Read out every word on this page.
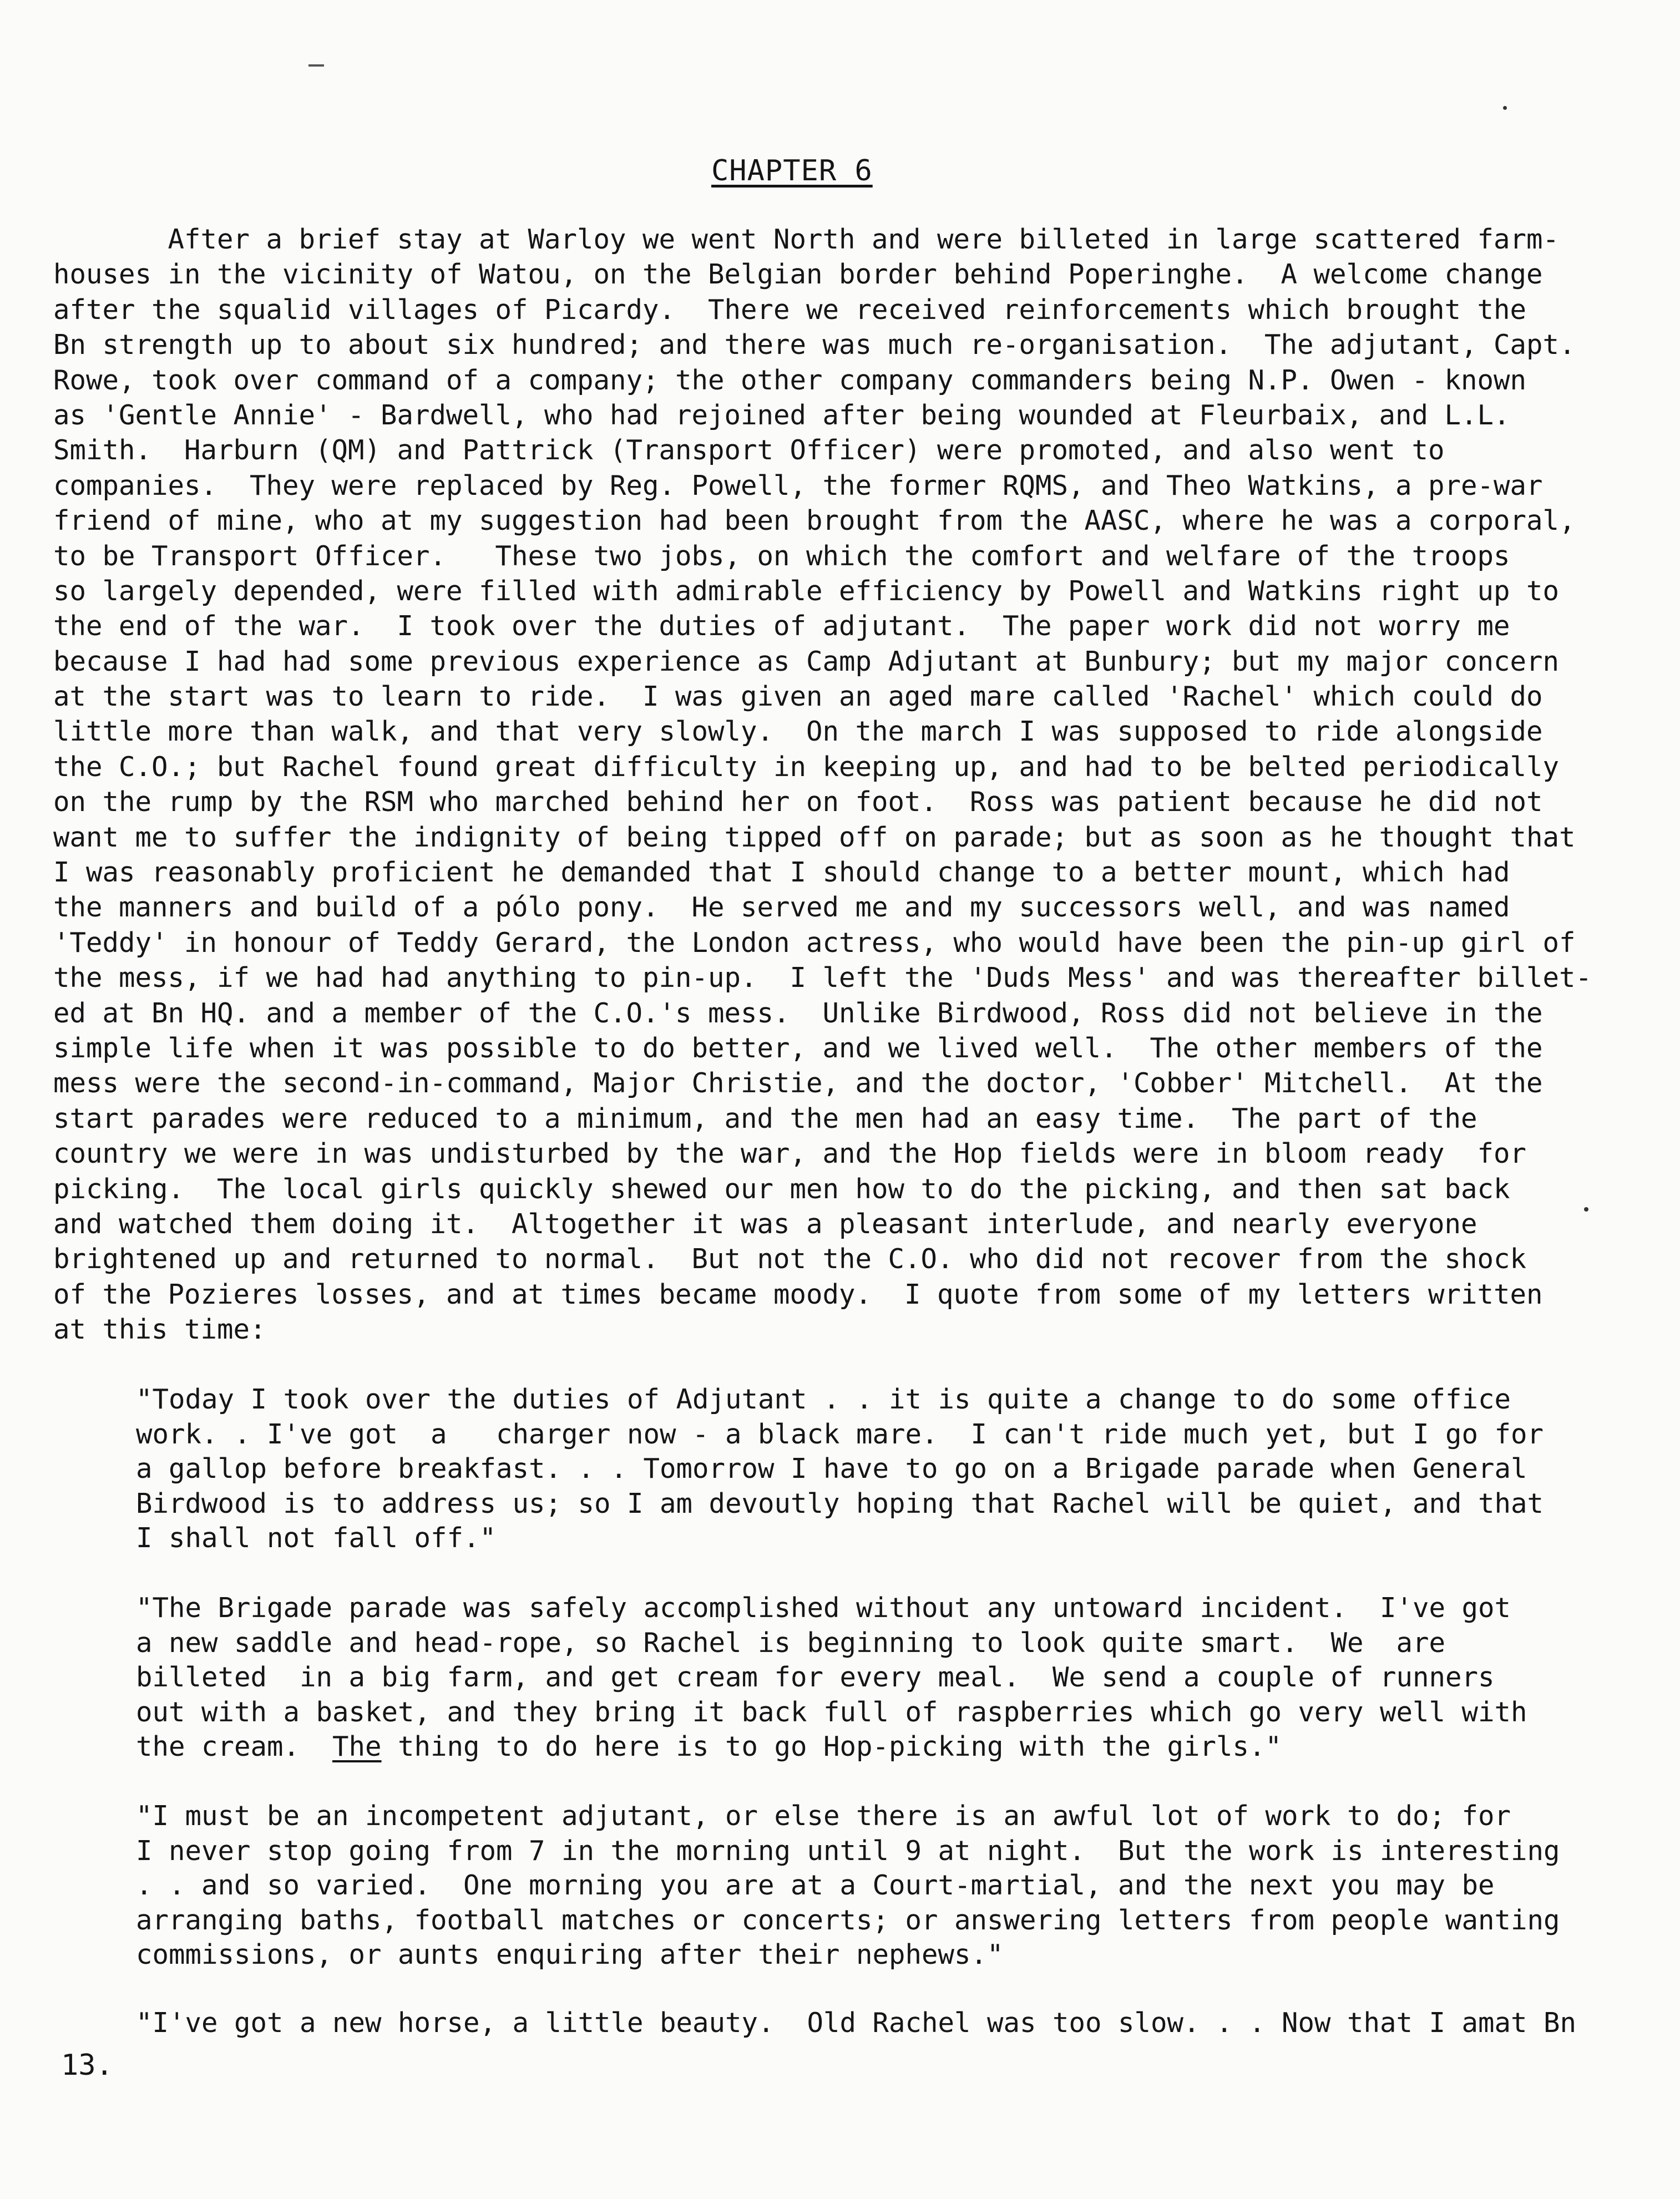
CHAPTER 6
After a brief stay at Warloy we went North and were billeted in large scattered farm-
houses in the vicinity of Watou, on the Belgian border behind Poperinghe.  A welcome change
after the squalid villages of Picardy.  There we received reinforcements which brought the
Bn strength up to about six hundred; and there was much re-organisation.  The adjutant, Capt.
Rowe, took over command of a company; the other company commanders being N.P. Owen - known
as 'Gentle Annie' - Bardwell, who had rejoined after being wounded at Fleurbaix, and L.L.
Smith.  Harburn (QM) and Pattrick (Transport Officer) were promoted, and also went to
companies.  They were replaced by Reg. Powell, the former RQMS, and Theo Watkins, a pre-war
friend of mine, who at my suggestion had been brought from the AASC, where he was a corporal,
to be Transport Officer.   These two jobs, on which the comfort and welfare of the troops
so largely depended, were filled with admirable efficiency by Powell and Watkins right up to
the end of the war.  I took over the duties of adjutant.  The paper work did not worry me
because I had had some previous experience as Camp Adjutant at Bunbury; but my major concern
at the start was to learn to ride.  I was given an aged mare called 'Rachel' which could do
little more than walk, and that very slowly.  On the march I was supposed to ride alongside
the C.O.; but Rachel found great difficulty in keeping up, and had to be belted periodically
on the rump by the RSM who marched behind her on foot.  Ross was patient because he did not
want me to suffer the indignity of being tipped off on parade; but as soon as he thought that
I was reasonably proficient he demanded that I should change to a better mount, which had
the manners and build of a pólo pony.  He served me and my successors well, and was named
'Teddy' in honour of Teddy Gerard, the London actress, who would have been the pin-up girl of
the mess, if we had had anything to pin-up.  I left the 'Duds Mess' and was thereafter billet-
ed at Bn HQ. and a member of the C.O.'s mess.  Unlike Birdwood, Ross did not believe in the
simple life when it was possible to do better, and we lived well.  The other members of the
mess were the second-in-command, Major Christie, and the doctor, 'Cobber' Mitchell.  At the
start parades were reduced to a minimum, and the men had an easy time.  The part of the
country we were in was undisturbed by the war, and the Hop fields were in bloom ready  for
picking.  The local girls quickly shewed our men how to do the picking, and then sat back
and watched them doing it.  Altogether it was a pleasant interlude, and nearly everyone
brightened up and returned to normal.  But not the C.O. who did not recover from the shock
of the Pozieres losses, and at times became moody.  I quote from some of my letters written
at this time:
"Today I took over the duties of Adjutant . . it is quite a change to do some office
work. . I've got  a   charger now - a black mare.  I can't ride much yet, but I go for
a gallop before breakfast. . . Tomorrow I have to go on a Brigade parade when General
Birdwood is to address us; so I am devoutly hoping that Rachel will be quiet, and that
I shall not fall off."
"The Brigade parade was safely accomplished without any untoward incident.  I've got
a new saddle and head-rope, so Rachel is beginning to look quite smart.  We  are
billeted  in a big farm, and get cream for every meal.  We send a couple of runners
out with a basket, and they bring it back full of raspberries which go very well with
the cream.  The thing to do here is to go Hop-picking with the girls."
"I must be an incompetent adjutant, or else there is an awful lot of work to do; for
I never stop going from 7 in the morning until 9 at night.  But the work is interesting
. . and so varied.  One morning you are at a Court-martial, and the next you may be
arranging baths, football matches or concerts; or answering letters from people wanting
commissions, or aunts enquiring after their nephews."
"I've got a new horse, a little beauty.  Old Rachel was too slow. . . Now that I amat Bn
13.
